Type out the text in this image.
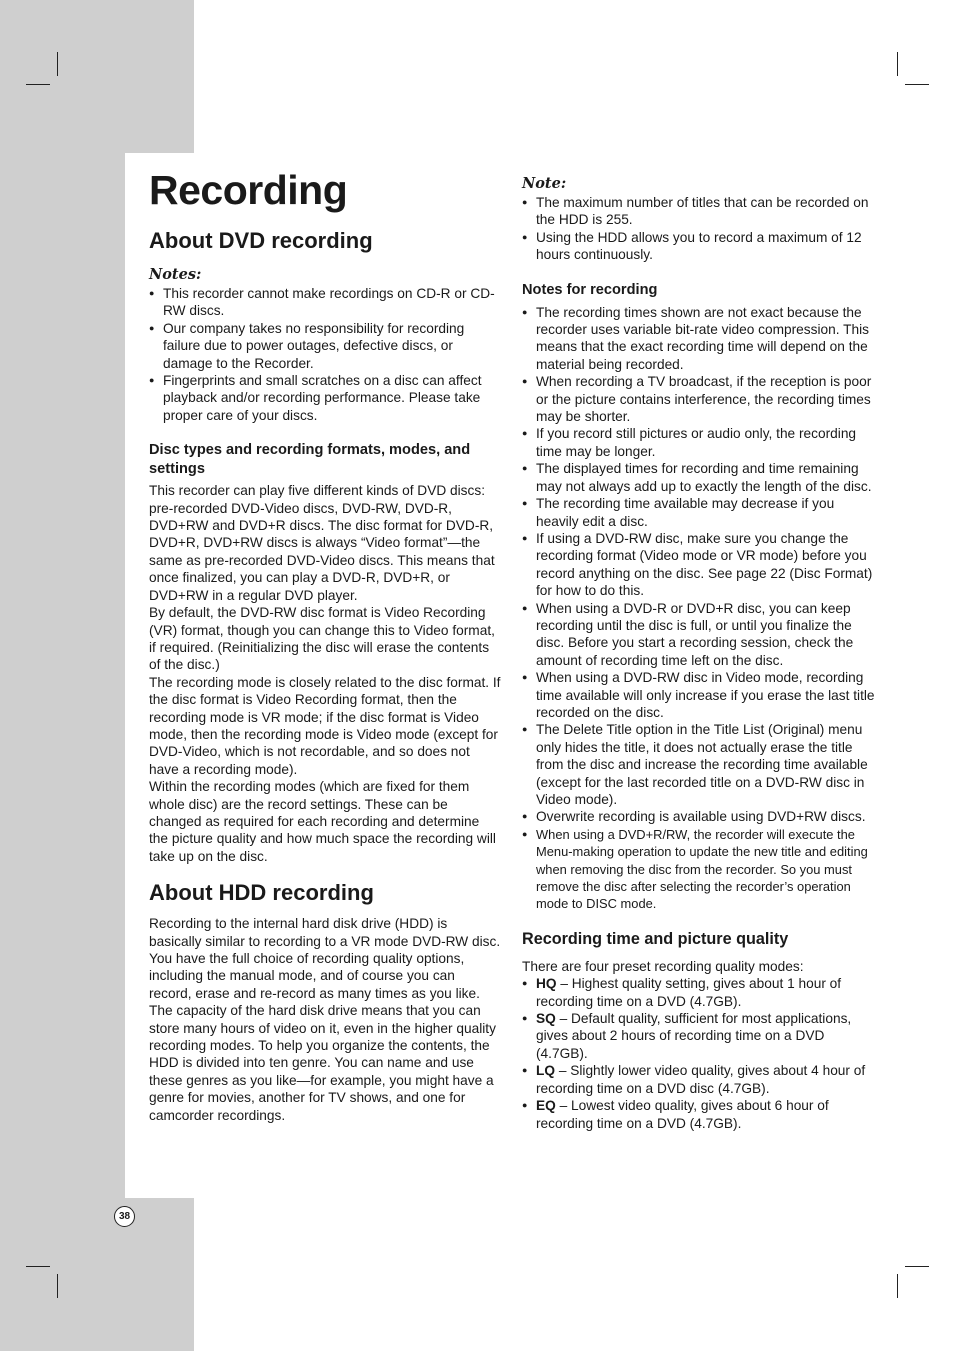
Recording
About DVD recording
Notes:
● This recorder cannot make recordings on CD-R or CD-RW discs.
● Our company takes no responsibility for recording failure due to power outages, defective discs, or damage to the Recorder.
● Fingerprints and small scratches on a disc can affect playback and/or recording performance. Please take proper care of your discs.
Disc types and recording formats, modes, and settings

This recorder can play five different kinds of DVD discs: pre-recorded DVD-Video discs, DVD-RW, DVD-R, DVD+RW and DVD+R discs. The disc format for DVD-R, DVD+R, DVD+RW discs is always “Video format”—the same as pre-recorded DVD-Video discs. This means that once finalized, you can play a DVD-R, DVD+R, or DVD+RW in a regular DVD player.

By default, the DVD-RW disc format is Video Recording (VR) format, though you can change this to Video format, if required. (Reinitializing the disc will erase the contents of the disc.)

The recording mode is closely related to the disc format. If the disc format is Video Recording format, then the recording mode is VR mode; if the disc format is Video mode, then the recording mode is Video mode (except for DVD-Video, which is not recordable, and so does not have a recording mode).

Within the recording modes (which are fixed for them whole disc) are the record settings. These can be changed as required for each recording and determine the picture quality and how much space the recording will take up on the disc.

About HDD recording

Recording to the internal hard disk drive (HDD) is basically similar to recording to a VR mode DVD-RW disc. You have the full choice of recording quality options, including the manual mode, and of course you can record, erase and re-record as many times as you like. The capacity of the hard disk drive means that you can store many hours of video on it, even in the higher quality recording modes. To help you organize the contents, the HDD is divided into ten genre. You can name and use these genres as you like—for example, you might have a genre for movies, another for TV shows, and one for camcorder recordings.

Note:
● The maximum number of titles that can be recorded on the HDD is 255.
● Using the HDD allows you to record a maximum of 12 hours continuously.
Notes for recording
● The recording times shown are not exact because the recorder uses variable bit-rate video compression. This means that the exact recording time will depend on the material being recorded.
● When recording a TV broadcast, if the reception is poor or the picture contains interference, the recording times may be shorter.
● If you record still pictures or audio only, the recording time may be longer.
● The displayed times for recording and time remaining may not always add up to exactly the length of the disc.
● The recording time available may decrease if you heavily edit a disc.
● If using a DVD-RW disc, make sure you change the recording format (Video mode or VR mode) before you record anything on the disc. See page 22 (Disc Format) for how to do this.
● When using a DVD-R or DVD+R disc, you can keep recording until the disc is full, or until you finalize the disc. Before you start a recording session, check the amount of recording time left on the disc.
● When using a DVD-RW disc in Video mode, recording time available will only increase if you erase the last title recorded on the disc.
● The Delete Title option in the Title List (Original) menu only hides the title, it does not actually erase the title from the disc and increase the recording time available (except for the last recorded title on a DVD-RW disc in Video mode).
● Overwrite recording is available using DVD+RW discs.
● When using a DVD+R/RW, the recorder will execute the Menu-making operation to update the new title and editing when removing the disc from the recorder. So you must remove the disc after selecting the recorder’s operation mode to DISC mode.
Recording time and picture quality

There are four preset recording quality modes:

● HQ – Highest quality setting, gives about 1 hour of recording time on a DVD (4.7GB).
● SQ – Default quality, sufficient for most applications, gives about 2 hours of recording time on a DVD (4.7GB).
● LQ – Slightly lower video quality, gives about 4 hour of recording time on a DVD disc (4.7GB).
● EQ – Lowest video quality, gives about 6 hour of recording time on a DVD (4.7GB).
38
